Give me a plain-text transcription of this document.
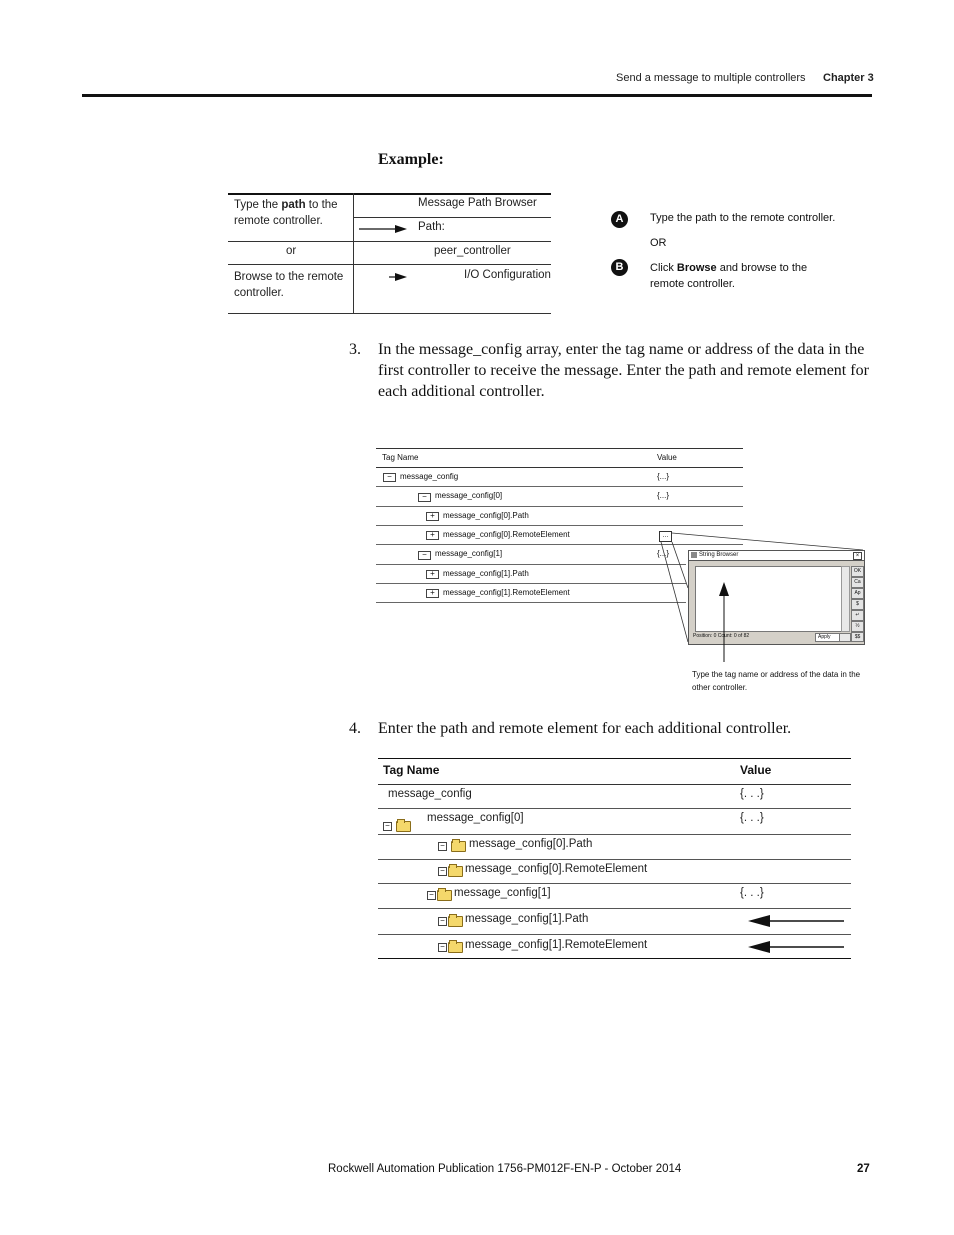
Send a message to multiple controllers Chapter 3
Example:
Type the path to the remote controller.
Message Path Browser
Path:
or	peer_controller
Browse to the remote controller.
I/O Configuration
A	Type the path to the remote controller.
OR
B	Click Browse and browse to the remote controller.
3. In the message_config array, enter the tag name or address of the data in the first controller to receive the message. Enter the path and remote element for each additional controller.
Tag Name	Value
−	message_config	{...}
−	message_config[0]	{...}
+	message_config[0].Path
+	message_config[0].RemoteElement	...
−	message_config[1]	{...}
+	message_config[1].Path
+	message_config[1].RemoteElement
String Browser	×
Position: 0 Count: 0 of 82	Apply
OK
Ca
Ap
$
↵
½
$$
Type the tag name or address of the data in the other controller.
4. Enter the path and remote element for each additional controller.
Tag Name	Value
message_config	{. . .}
−
message_config[0]	{. . .}
− message_config[0].Path
− message_config[0].RemoteElement
− message_config[1]	{. . .}
− message_config[1].Path
− message_config[1].RemoteElement
Rockwell Automation Publication 1756-PM012F-EN-P - October 2014	27
